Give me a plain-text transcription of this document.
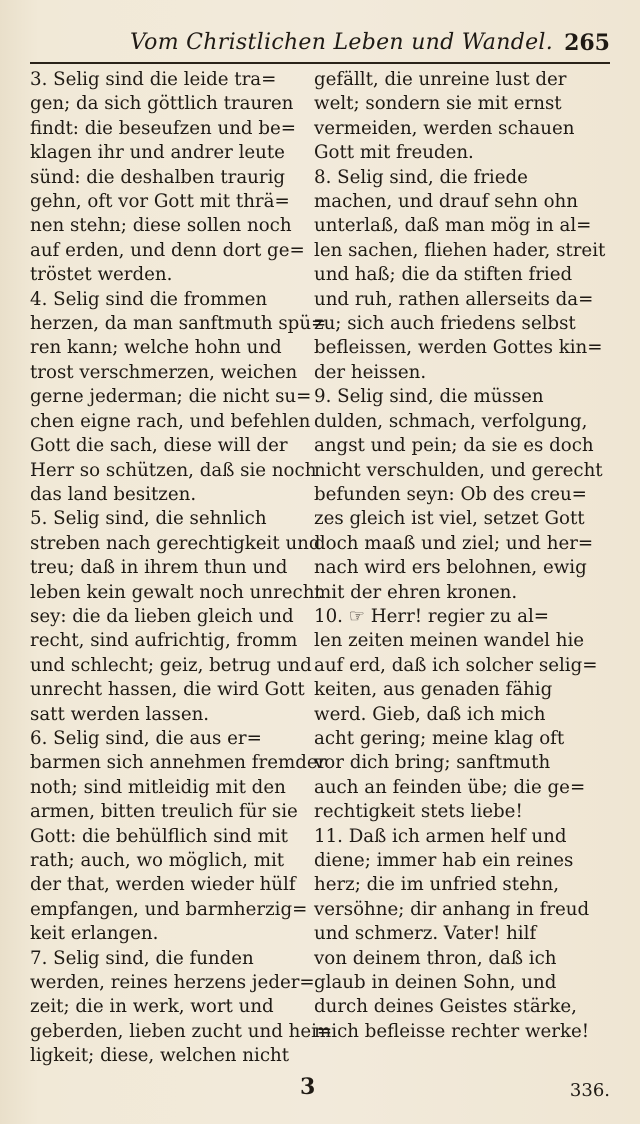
Vom Christlichen Leben und Wandel. 265

3. Selig sind die leide tra=

gen; da sich göttlich trauren

findt: die beseufzen und be=

klagen ihr und andrer leute

sünd: die deshalben traurig

gehn, oft vor Gott mit thrä=

nen stehn; diese sollen noch

auf erden, und denn dort ge=

tröstet werden.

4. Selig sind die frommen

herzen, da man sanftmuth spü=

ren kann; welche hohn und

trost verschmerzen, weichen

gerne jederman; die nicht su=

chen eigne rach, und befehlen

Gott die sach, diese will der

Herr so schützen, daß sie noch

das land besitzen.

5. Selig sind, die sehnlich

streben nach gerechtigkeit und

treu; daß in ihrem thun und

leben kein gewalt noch unrecht

sey: die da lieben gleich und

recht, sind aufrichtig, fromm

und schlecht; geiz, betrug und

unrecht hassen, die wird Gott

satt werden lassen.

6. Selig sind, die aus er=

barmen sich annehmen fremder

noth; sind mitleidig mit den

armen, bitten treulich für sie

Gott: die behülflich sind mit

rath; auch, wo möglich, mit

der that, werden wieder hülf

empfangen, und barmherzig=

keit erlangen.

7. Selig sind, die funden

werden, reines herzens jeder=

zeit; die in werk, wort und

geberden, lieben zucht und hei=

ligkeit; diese, welchen nicht

gefällt, die unreine lust der

welt; sondern sie mit ernst

vermeiden, werden schauen

Gott mit freuden.

8. Selig sind, die friede

machen, und drauf sehn ohn

unterlaß, daß man mög in al=

len sachen, fliehen hader, streit

und haß; die da stiften fried

und ruh, rathen allerseits da=

zu; sich auch friedens selbst

befleissen, werden Gottes kin=

der heissen.

9. Selig sind, die müssen

dulden, schmach, verfolgung,

angst und pein; da sie es doch

nicht verschulden, und gerecht

befunden seyn: Ob des creu=

zes gleich ist viel, setzet Gott

doch maaß und ziel; und her=

nach wird ers belohnen, ewig

mit der ehren kronen.

10. ☞ Herr! regier zu al=

len zeiten meinen wandel hie

auf erd, daß ich solcher selig=

keiten, aus genaden fähig

werd. Gieb, daß ich mich

acht gering; meine klag oft

vor dich bring; sanftmuth

auch an feinden übe; die ge=

rechtigkeit stets liebe!

11. Daß ich armen helf und

diene; immer hab ein reines

herz; die im unfried stehn,

versöhne; dir anhang in freud

und schmerz. Vater! hilf

von deinem thron, daß ich

glaub in deinen Sohn, und

durch deines Geistes stärke,

mich befleisse rechter werke!

3	336.
